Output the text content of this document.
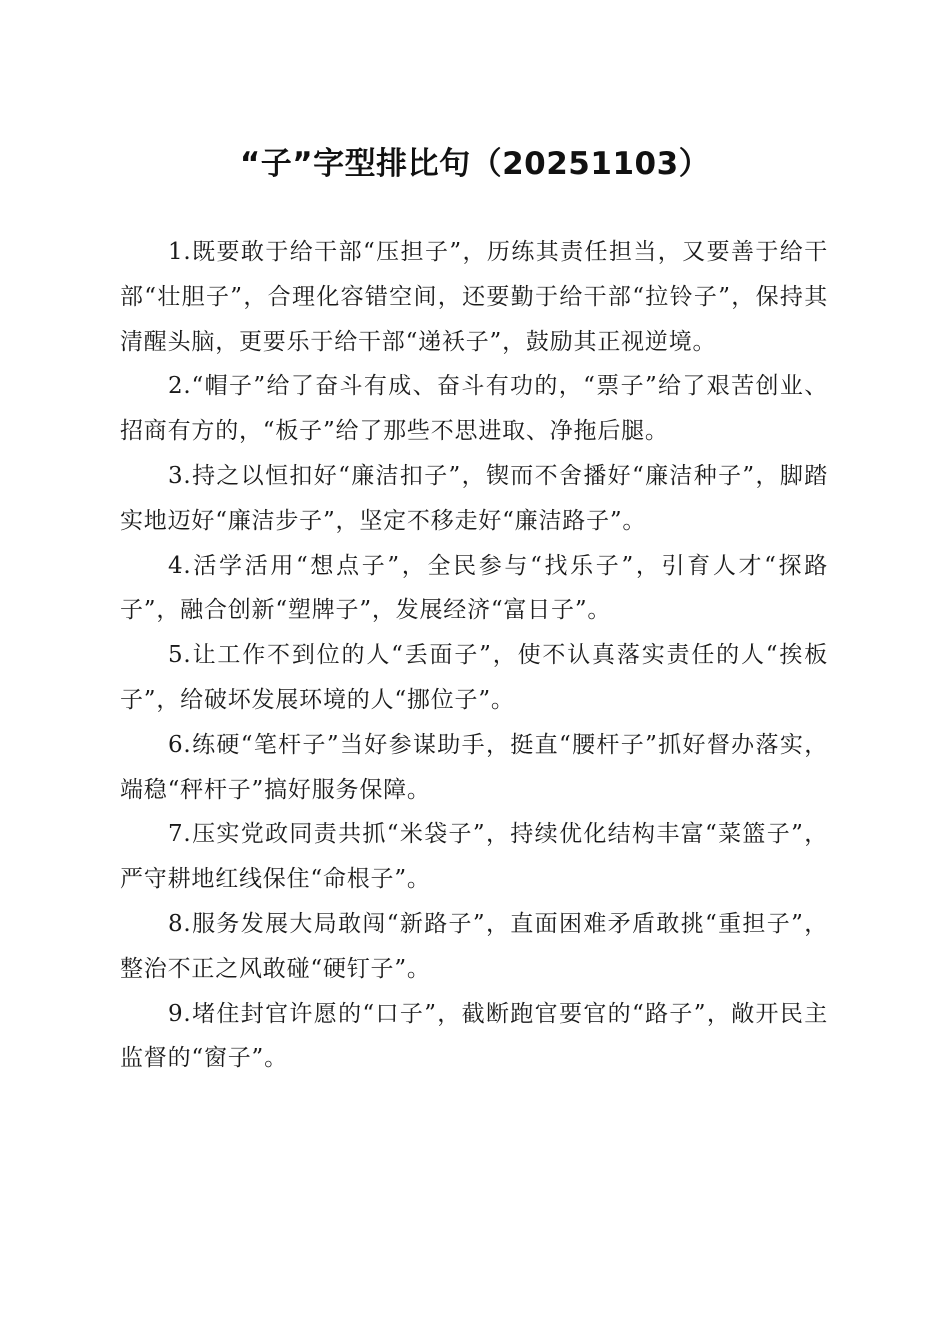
“子”字型排比句（20251103）

1.既要敢于给干部“压担子”，历练其责任担当，又要善于给干部“壮胆子”，合理化容错空间，还要勤于给干部“拉铃子”，保持其清醒头脑，更要乐于给干部“递袄子”，鼓励其正视逆境。

2.“帽子”给了奋斗有成、奋斗有功的，“票子”给了艰苦创业、招商有方的，“板子”给了那些不思进取、净拖后腿。

3.持之以恒扣好“廉洁扣子”，锲而不舍播好“廉洁种子”，脚踏实地迈好“廉洁步子”，坚定不移走好“廉洁路子”。

4.活学活用“想点子”，全民参与“找乐子”，引育人才“探路子”，融合创新“塑牌子”，发展经济“富日子”。

5.让工作不到位的人“丢面子”，使不认真落实责任的人“挨板子”，给破坏发展环境的人“挪位子”。

6.练硬“笔杆子”当好参谋助手，挺直“腰杆子”抓好督办落实，端稳“秤杆子”搞好服务保障。

7.压实党政同责共抓“米袋子”，持续优化结构丰富“菜篮子”，严守耕地红线保住“命根子”。

8.服务发展大局敢闯“新路子”，直面困难矛盾敢挑“重担子”，整治不正之风敢碰“硬钉子”。

9.堵住封官许愿的“口子”，截断跑官要官的“路子”，敞开民主监督的“窗子”。
